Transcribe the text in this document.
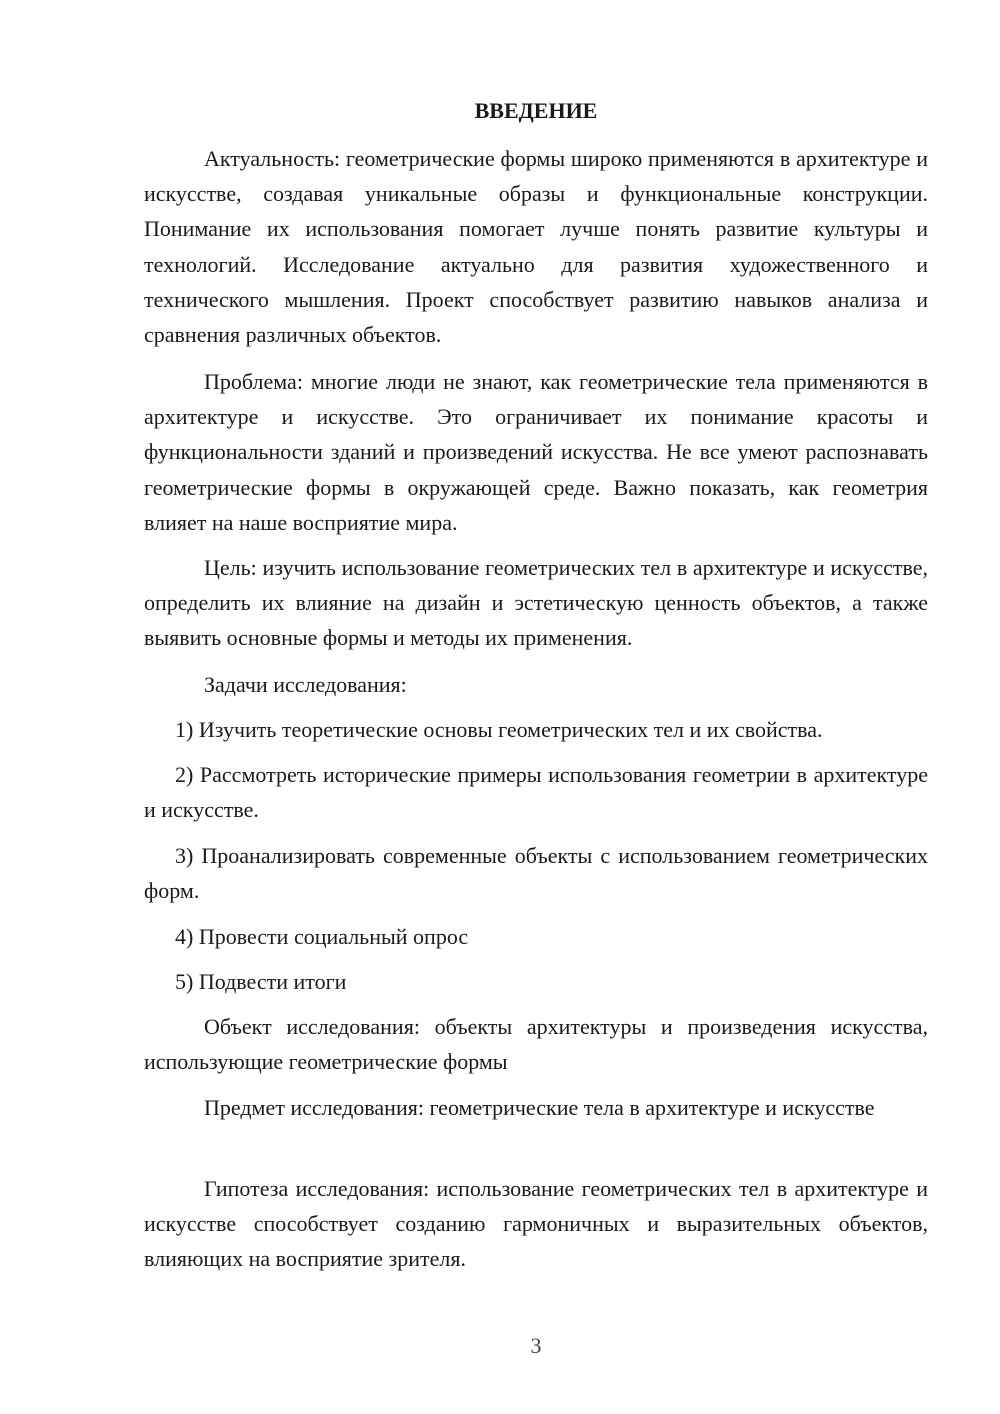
ВВЕДЕНИЕ

Актуальность: геометрические формы широко применяются в архитектуре и искусстве, создавая уникальные образы и функциональные конструкции. Понимание их использования помогает лучше понять развитие культуры и технологий. Исследование актуально для развития художественного и технического мышления. Проект способствует развитию навыков анализа и сравнения различных объектов.

Проблема: многие люди не знают, как геометрические тела применяются в архитектуре и искусстве. Это ограничивает их понимание красоты и функциональности зданий и произведений искусства. Не все умеют распознавать геометрические формы в окружающей среде. Важно показать, как геометрия влияет на наше восприятие мира.

Цель: изучить использование геометрических тел в архитектуре и искусстве, определить их влияние на дизайн и эстетическую ценность объектов, а также выявить основные формы и методы их применения.

Задачи исследования:

1) Изучить теоретические основы геометрических тел и их свойства.

2) Рассмотреть исторические примеры использования геометрии в архитектуре и искусстве.

3) Проанализировать современные объекты с использованием геометрических форм.

4) Провести социальный опрос

5) Подвести итоги

Объект исследования: объекты архитектуры и произведения искусства, использующие геометрические формы

Предмет исследования: геометрические тела в архитектуре и искусстве

Гипотеза исследования: использование геометрических тел в архитектуре и искусстве способствует созданию гармоничных и выразительных объектов, влияющих на восприятие зрителя.

3
